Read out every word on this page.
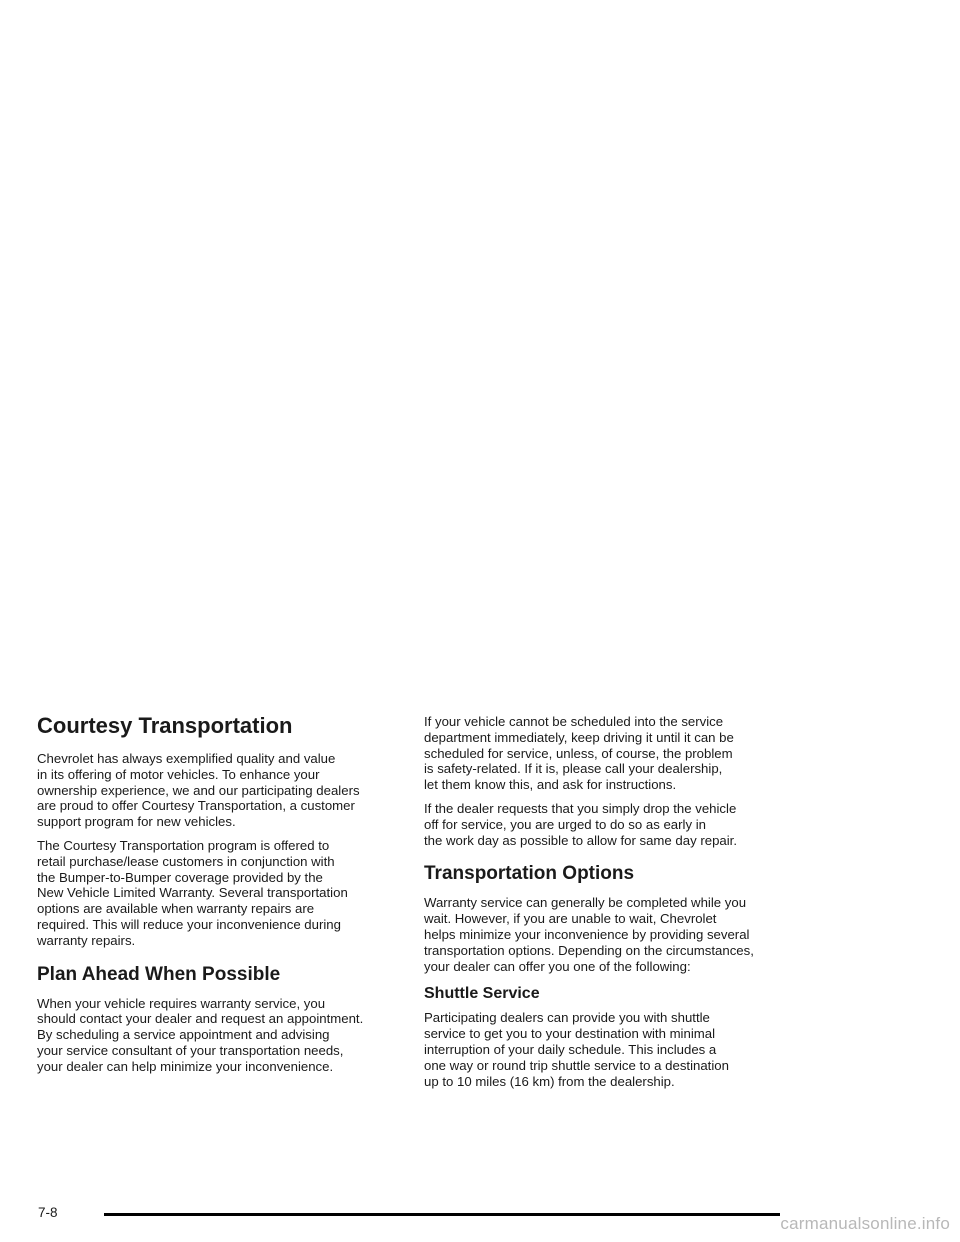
Courtesy Transportation

Chevrolet has always exemplified quality and value
in its offering of motor vehicles. To enhance your
ownership experience, we and our participating dealers
are proud to offer Courtesy Transportation, a customer
support program for new vehicles.

The Courtesy Transportation program is offered to
retail purchase/lease customers in conjunction with
the Bumper-to-Bumper coverage provided by the
New Vehicle Limited Warranty. Several transportation
options are available when warranty repairs are
required. This will reduce your inconvenience during
warranty repairs.

Plan Ahead When Possible

When your vehicle requires warranty service, you
should contact your dealer and request an appointment.
By scheduling a service appointment and advising
your service consultant of your transportation needs,
your dealer can help minimize your inconvenience.

If your vehicle cannot be scheduled into the service
department immediately, keep driving it until it can be
scheduled for service, unless, of course, the problem
is safety-related. If it is, please call your dealership,
let them know this, and ask for instructions.

If the dealer requests that you simply drop the vehicle
off for service, you are urged to do so as early in
the work day as possible to allow for same day repair.

Transportation Options

Warranty service can generally be completed while you
wait. However, if you are unable to wait, Chevrolet
helps minimize your inconvenience by providing several
transportation options. Depending on the circumstances,
your dealer can offer you one of the following:

Shuttle Service

Participating dealers can provide you with shuttle
service to get you to your destination with minimal
interruption of your daily schedule. This includes a
one way or round trip shuttle service to a destination
up to 10 miles (16 km) from the dealership.

7-8
carmanualsonline.info
